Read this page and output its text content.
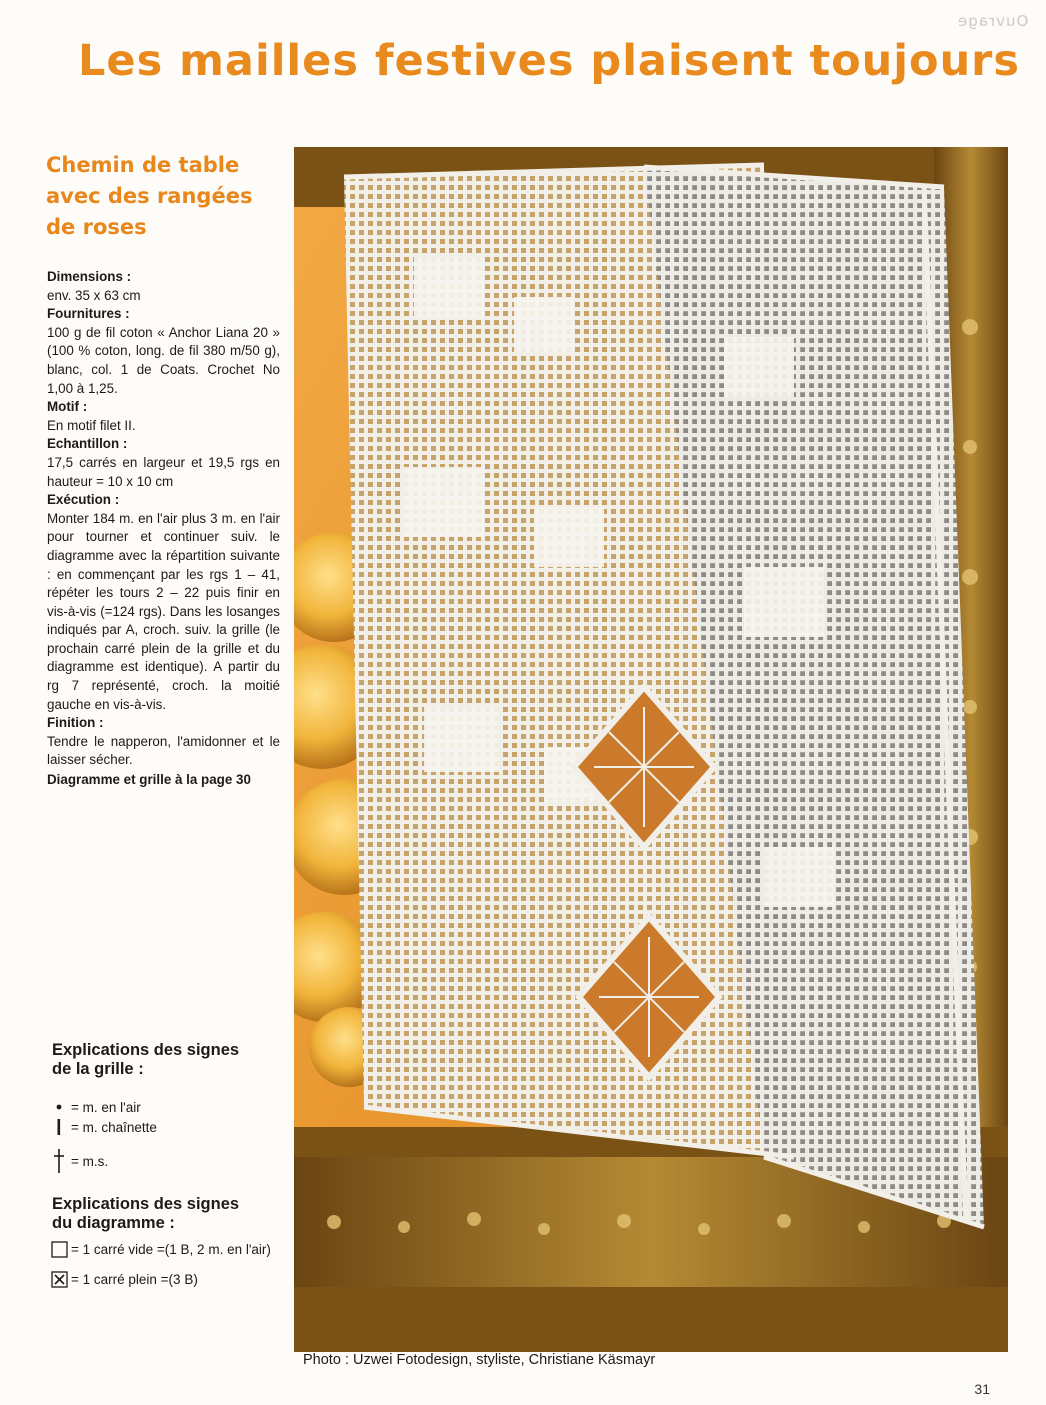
Ouvrage
Les mailles festives plaisent toujours
Chemin de table
avec des rangées
de roses
Dimensions :
env. 35 x 63 cm
Fournitures :
100 g de fil coton « Anchor Liana 20 » (100 % coton, long. de fil 380 m/50 g), blanc, col. 1 de Coats. Crochet No 1,00 à 1,25.
Motif :
En motif filet II.
Echantillon :
17,5 carrés en largeur et 19,5 rgs en hauteur = 10 x 10 cm
Exécution :
Monter 184 m. en l'air plus 3 m. en l'air pour tourner et continuer suiv. le diagramme avec la répartition suivante : en commençant par les rgs 1 – 41, répéter les tours 2 – 22 puis finir en vis-à-vis (=124 rgs). Dans les losanges indiqués par A, croch. suiv. la grille (le prochain carré plein de la grille et du diagramme est identique). A partir du rg 7 représenté, croch. la moitié gauche en vis-à-vis.
Finition :
Tendre le napperon, l'amidonner et le laisser sécher.
Diagramme et grille à la page 30
Explications des signes
de la grille :
= m. en l'air
= m. chaînette
= m.s.
Explications des signes
du diagramme :
= 1 carré vide =(1 B, 2 m. en l'air)
= 1 carré plein =(3 B)
Photo : Uzwei Fotodesign, styliste, Christiane Käsmayr
31
